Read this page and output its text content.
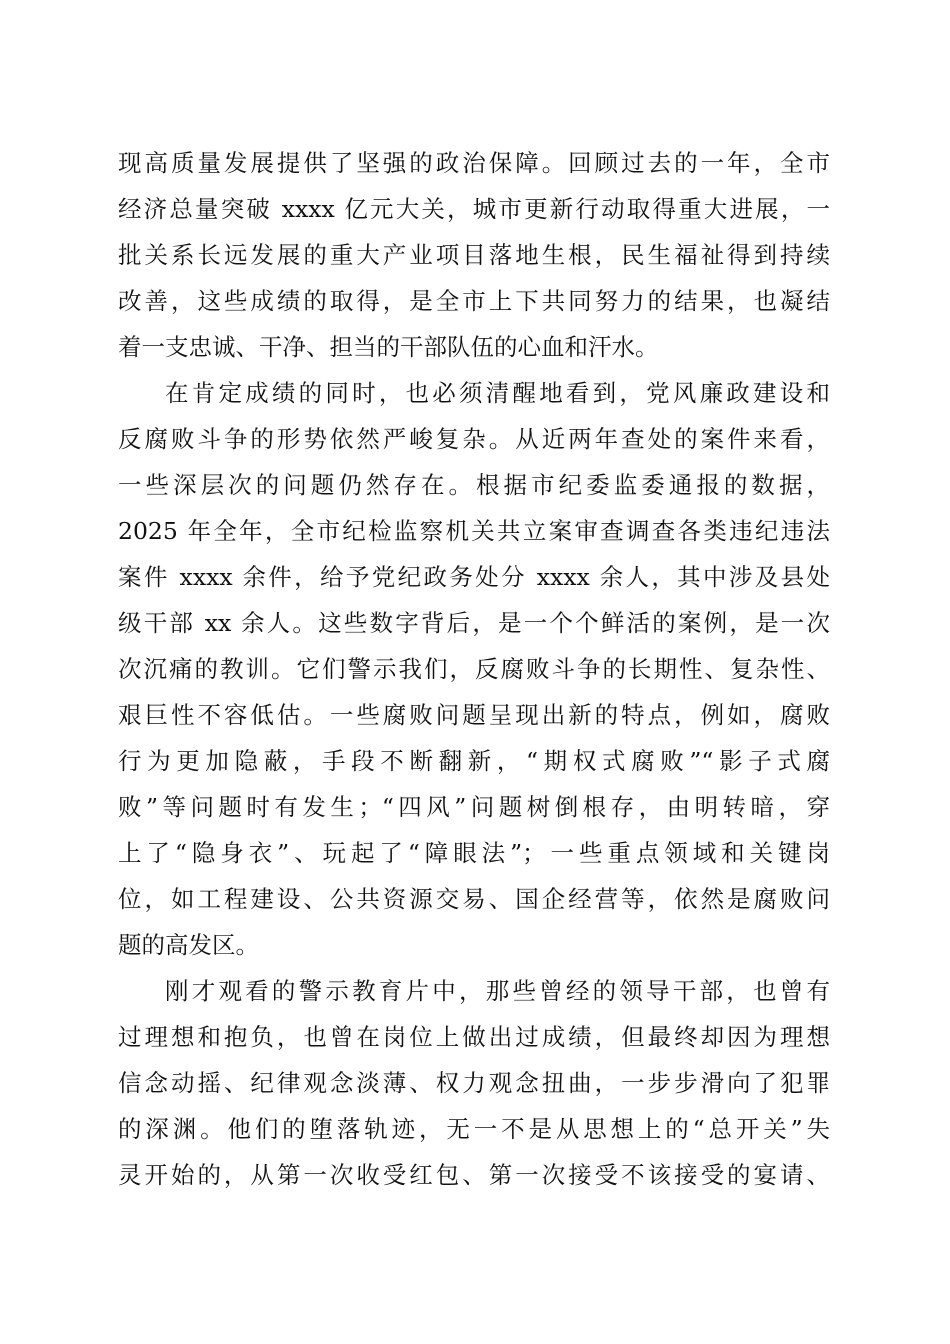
现高质量发展提供了坚强的政治保障。回顾过去的一年，全市
经济总量突破 xxxx 亿元大关，城市更新行动取得重大进展，一
批关系长远发展的重大产业项目落地生根，民生福祉得到持续
改善，这些成绩的取得，是全市上下共同努力的结果，也凝结
着一支忠诚、干净、担当的干部队伍的心血和汗水。
在肯定成绩的同时，也必须清醒地看到，党风廉政建设和
反腐败斗争的形势依然严峻复杂。从近两年查处的案件来看，
一些深层次的问题仍然存在。根据市纪委监委通报的数据，
2025 年全年，全市纪检监察机关共立案审查调查各类违纪违法
案件 xxxx 余件，给予党纪政务处分 xxxx 余人，其中涉及县处
级干部 xx 余人。这些数字背后，是一个个鲜活的案例，是一次
次沉痛的教训。它们警示我们，反腐败斗争的长期性、复杂性、
艰巨性不容低估。一些腐败问题呈现出新的特点，例如，腐败
行为更加隐蔽，手段不断翻新，“期权式腐败”“影子式腐
败”等问题时有发生；“四风”问题树倒根存，由明转暗，穿
上了“隐身衣”、玩起了“障眼法”；一些重点领域和关键岗
位，如工程建设、公共资源交易、国企经营等，依然是腐败问
题的高发区。
刚才观看的警示教育片中，那些曾经的领导干部，也曾有
过理想和抱负，也曾在岗位上做出过成绩，但最终却因为理想
信念动摇、纪律观念淡薄、权力观念扭曲，一步步滑向了犯罪
的深渊。他们的堕落轨迹，无一不是从思想上的“总开关”失
灵开始的，从第一次收受红包、第一次接受不该接受的宴请、
